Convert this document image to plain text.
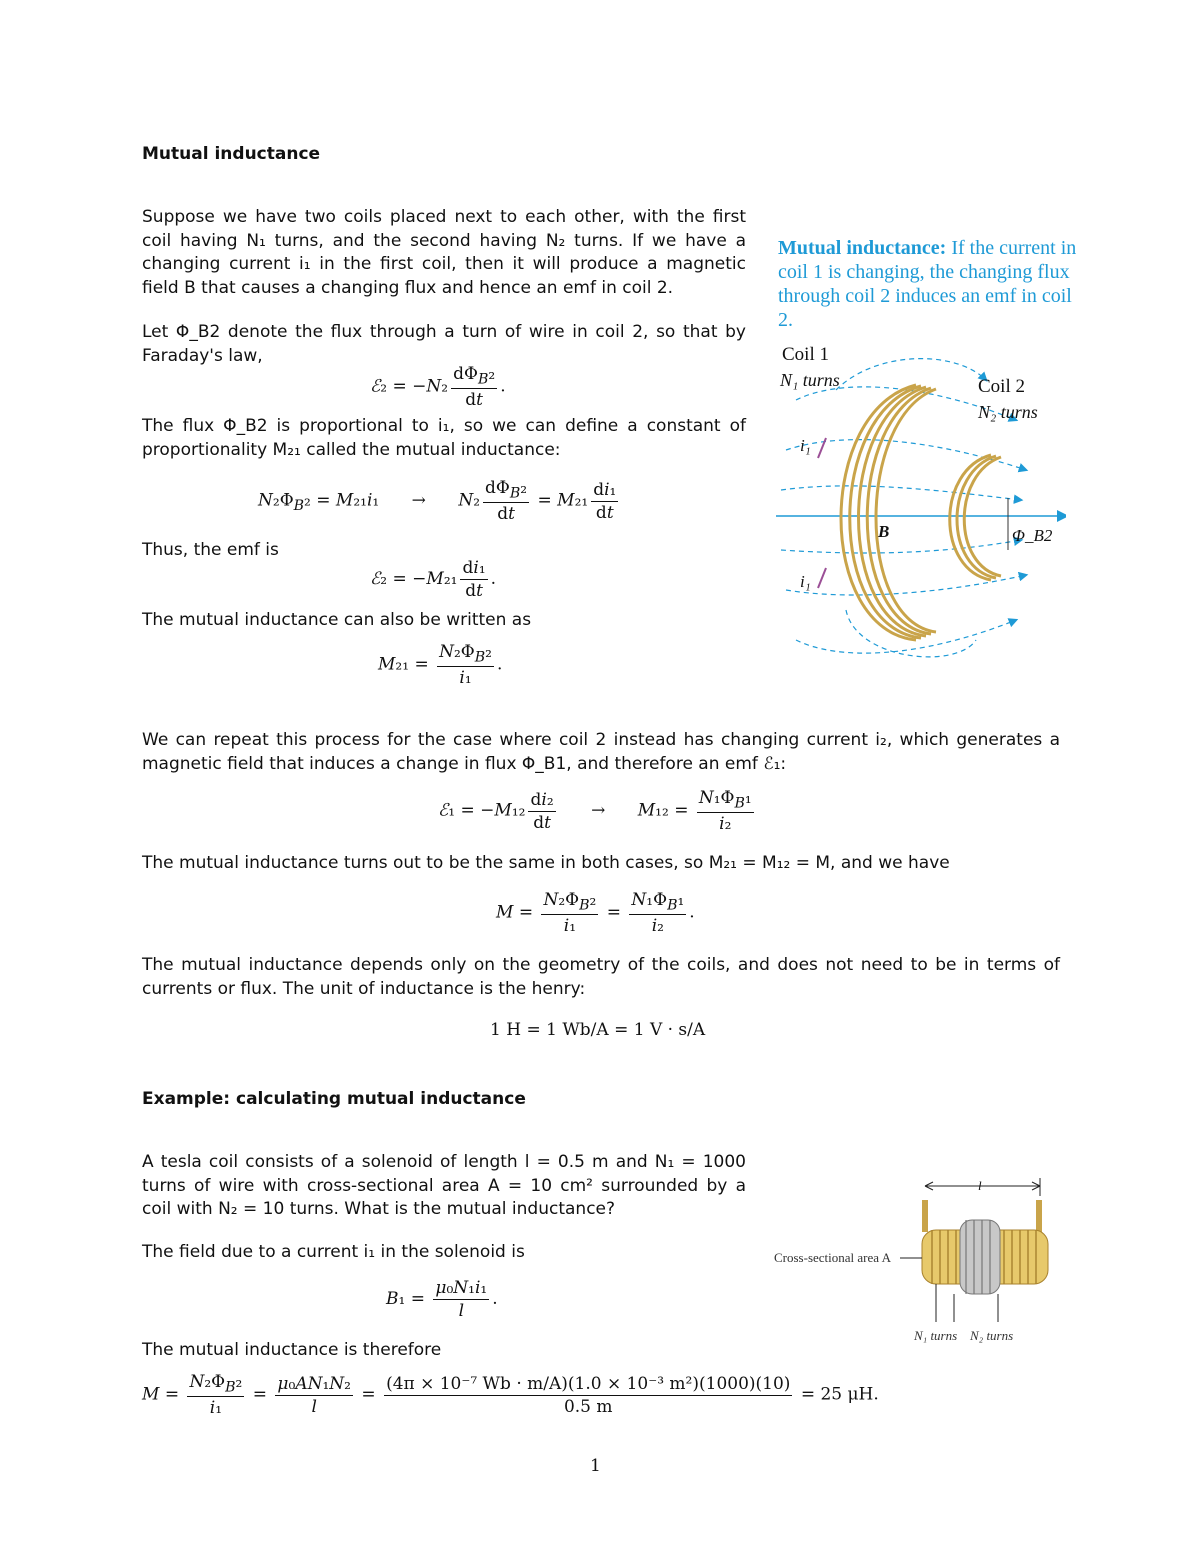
Mutual inductance
Suppose we have two coils placed next to each other, with the first coil having N₁ turns, and the second having N₂ turns. If we have a changing current i₁ in the first coil, then it will produce a magnetic field B that causes a changing flux and hence an emf in coil 2.
Let Φ_B2 denote the flux through a turn of wire in coil 2, so that by Faraday's law,
ℰ₂ = $-N_2 \frac{d\Phi_B_2}{dt}$ .
The flux Φ_B2 is proportional to i₁, so we can define a constant of proportionality M₂₁ called the mutual inductance:
$N_2\Phi_B_2 = M_{21}i_1$      →      $N_2 \frac{d\Phi_B_2}{dt} = M_{21} \frac{\text{di₁}}{dt}$
Thus, the emf is
ℰ₂ = $-M_{21} \frac{\text{di₁}}{dt}$ .
The mutual inductance can also be written as
$M_{21} = \frac{N_2\Phi_B_2}{\text{i₁}}$ .
Mutual inductance: If the current in coil 1 is changing, the changing flux through coil 2 induces an emf in coil 2.
Coil 1
N₁ turns	Coil 2
N₂ turns
i₁
i₁
B	Φ_B2
We can repeat this process for the case where coil 2 instead has changing current i₂, which generates a magnetic field that induces a change in flux Φ_B1, and therefore an emf ℰ₁:
ℰ₁ = $-M_{12} \frac{\text{di₂}}{dt}$ →      $M_{12} = \frac{N_1\Phi_B_1}{\text{i₂}}$
The mutual inductance turns out to be the same in both cases, so M₂₁ = M₁₂ = M, and we have
$M = \frac{N_2\Phi_B_2}{\text{i₁}} = \frac{N_1\Phi_B_1}{\text{i₂}}$ .
The mutual inductance depends only on the geometry of the coils, and does not need to be in terms of currents or flux. The unit of inductance is the henry:
1 H = 1 Wb/A = 1 V · s/A
Example: calculating mutual inductance
A tesla coil consists of a solenoid of length l = 0.5 m and N₁ = 1000 turns of wire with cross-sectional area A = 10 cm² surrounded by a coil with N₂ = 10 turns. What is the mutual inductance?
The field due to a current i₁ in the solenoid is
$B_1 = \frac{\text{μ₀N₁i₁}}{l}$ .
The mutual inductance is therefore
$M = \frac{N_2\Phi_B_2}{\text{i₁}} = \frac{\text{μ₀AN₁N₂}}{l} = \frac{\text{(4π × 10⁻⁷ Wb · m/A)(1.0 × 10⁻³ m²)(1000)(10)}}{0.5 m} = 25$ μH.
l
Cross-sectional area A
N₁ turns N₂ turns
1
